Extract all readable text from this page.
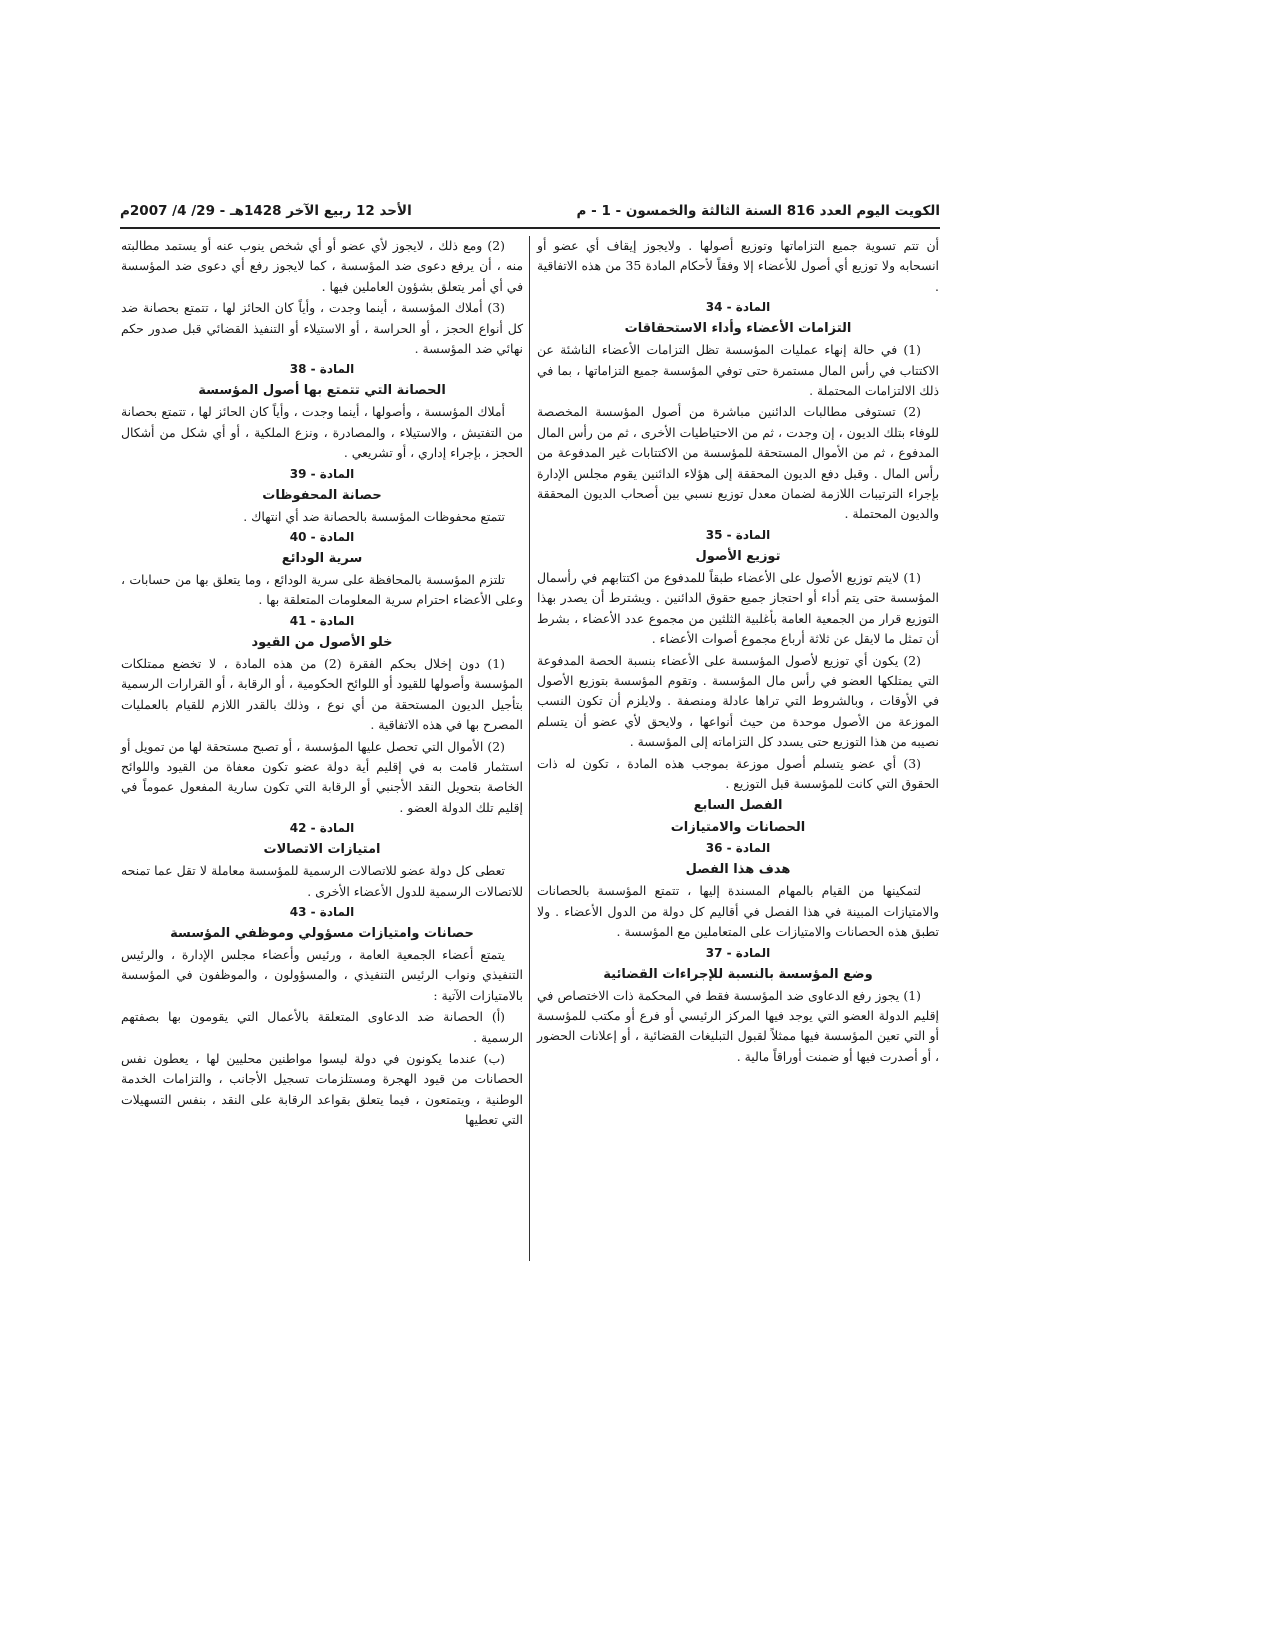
الكويت اليوم العدد 816 السنة الثالثة والخمسون - 1 - م
الأحد 12 ربيع الآخر 1428هـ - 29/ 4/ 2007م

أن تتم تسوية جميع التزاماتها وتوزيع أصولها . ولايجوز إيقاف أي عضو أو انسحابه ولا توزيع أي أصول للأعضاء إلا وفقاً لأحكام المادة 35 من هذه الاتفاقية .

المادة - 34
التزامات الأعضاء وأداء الاستحقاقات

(1) في حالة إنهاء عمليات المؤسسة تظل التزامات الأعضاء الناشئة عن الاكتتاب في رأس المال مستمرة حتى توفي المؤسسة جميع التزاماتها ، بما في ذلك الالتزامات المحتملة .

(2) تستوفى مطالبات الدائنين مباشرة من أصول المؤسسة المخصصة للوفاء بتلك الديون ، إن وجدت ، ثم من الاحتياطيات الأخرى ، ثم من رأس المال المدفوع ، ثم من الأموال المستحقة للمؤسسة من الاكتتابات غير المدفوعة من رأس المال . وقبل دفع الديون المحققة إلى هؤلاء الدائنين يقوم مجلس الإدارة بإجراء الترتيبات اللازمة لضمان معدل توزيع نسبي بين أصحاب الديون المحققة والديون المحتملة .

المادة - 35
توزيع الأصول

(1) لايتم توزيع الأصول على الأعضاء طبقاً للمدفوع من اكتتابهم في رأسمال المؤسسة حتى يتم أداء أو احتجاز جميع حقوق الدائنين . ويشترط أن يصدر بهذا التوزيع قرار من الجمعية العامة بأغلبية الثلثين من مجموع عدد الأعضاء ، بشرط أن تمثل ما لايقل عن ثلاثة أرباع مجموع أصوات الأعضاء .

(2) يكون أي توزيع لأصول المؤسسة على الأعضاء بنسبة الحصة المدفوعة التي يمتلكها العضو في رأس مال المؤسسة . وتقوم المؤسسة بتوزيع الأصول في الأوقات ، وبالشروط التي تراها عادلة ومنصفة . ولايلزم أن تكون النسب الموزعة من الأصول موحدة من حيث أنواعها ، ولايحق لأي عضو أن يتسلم نصيبه من هذا التوزيع حتى يسدد كل التزاماته إلى المؤسسة .

(3) أي عضو يتسلم أصول موزعة بموجب هذه المادة ، تكون له ذات الحقوق التي كانت للمؤسسة قبل التوزيع .

الفصل السابع
الحصانات والامتيازات
المادة - 36
هدف هذا الفصل

لتمكينها من القيام بالمهام المسندة إليها ، تتمتع المؤسسة بالحصانات والامتيازات المبينة في هذا الفصل في أقاليم كل دولة من الدول الأعضاء . ولا تطبق هذه الحصانات والامتيازات على المتعاملين مع المؤسسة .

المادة - 37
وضع المؤسسة بالنسبة للإجراءات القضائية

(1) يجوز رفع الدعاوى ضد المؤسسة فقط في المحكمة ذات الاختصاص في إقليم الدولة العضو التي يوجد فيها المركز الرئيسي أو فرع أو مكتب للمؤسسة أو التي تعين المؤسسة فيها ممثلاً لقبول التبليغات القضائية ، أو إعلانات الحضور ، أو أصدرت فيها أو ضمنت أوراقاً مالية .

(2) ومع ذلك ، لايجوز لأي عضو أو أي شخص ينوب عنه أو يستمد مطالبته منه ، أن يرفع دعوى ضد المؤسسة ، كما لايجوز رفع أي دعوى ضد المؤسسة في أي أمر يتعلق بشؤون العاملين فيها .

(3) أملاك المؤسسة ، أينما وجدت ، وأياً كان الحائز لها ، تتمتع بحصانة ضد كل أنواع الحجز ، أو الحراسة ، أو الاستيلاء أو التنفيذ القضائي قبل صدور حكم نهائي ضد المؤسسة .

المادة - 38
الحصانة التي تتمتع بها أصول المؤسسة

أملاك المؤسسة ، وأصولها ، أينما وجدت ، وأياً كان الحائز لها ، تتمتع بحصانة من التفتيش ، والاستيلاء ، والمصادرة ، ونزع الملكية ، أو أي شكل من أشكال الحجز ، بإجراء إداري ، أو تشريعي .

المادة - 39
حصانة المحفوظات

تتمتع محفوظات المؤسسة بالحصانة ضد أي انتهاك .

المادة - 40
سرية الودائع

تلتزم المؤسسة بالمحافظة على سرية الودائع ، وما يتعلق بها من حسابات ، وعلى الأعضاء احترام سرية المعلومات المتعلقة بها .

المادة - 41
خلو الأصول من القيود

(1) دون إخلال بحكم الفقرة (2) من هذه المادة ، لا تخضع ممتلكات المؤسسة وأصولها للقيود أو اللوائح الحكومية ، أو الرقابة ، أو القرارات الرسمية بتأجيل الديون المستحقة من أي نوع ، وذلك بالقدر اللازم للقيام بالعمليات المصرح بها في هذه الاتفاقية .

(2) الأموال التي تحصل عليها المؤسسة ، أو تصبح مستحقة لها من تمويل أو استثمار قامت به في إقليم أية دولة عضو تكون معفاة من القيود واللوائح الخاصة بتحويل النقد الأجنبي أو الرقابة التي تكون سارية المفعول عموماً في إقليم تلك الدولة العضو .

المادة - 42
امتيازات الاتصالات

تعطى كل دولة عضو للاتصالات الرسمية للمؤسسة معاملة لا تقل عما تمنحه للاتصالات الرسمية للدول الأعضاء الأخرى .

المادة - 43
حصانات وامتيازات مسؤولي وموظفي المؤسسة

يتمتع أعضاء الجمعية العامة ، ورئيس وأعضاء مجلس الإدارة ، والرئيس التنفيذي ونواب الرئيس التنفيذي ، والمسؤولون ، والموظفون في المؤسسة بالامتيازات الآتية :

(أ) الحصانة ضد الدعاوى المتعلقة بالأعمال التي يقومون بها بصفتهم الرسمية .

(ب) عندما يكونون في دولة ليسوا مواطنين محليين لها ، يعطون نفس الحصانات من قيود الهجرة ومستلزمات تسجيل الأجانب ، والتزامات الخدمة الوطنية ، ويتمتعون ، فيما يتعلق بقواعد الرقابة على النقد ، بنفس التسهيلات التي تعطيها
